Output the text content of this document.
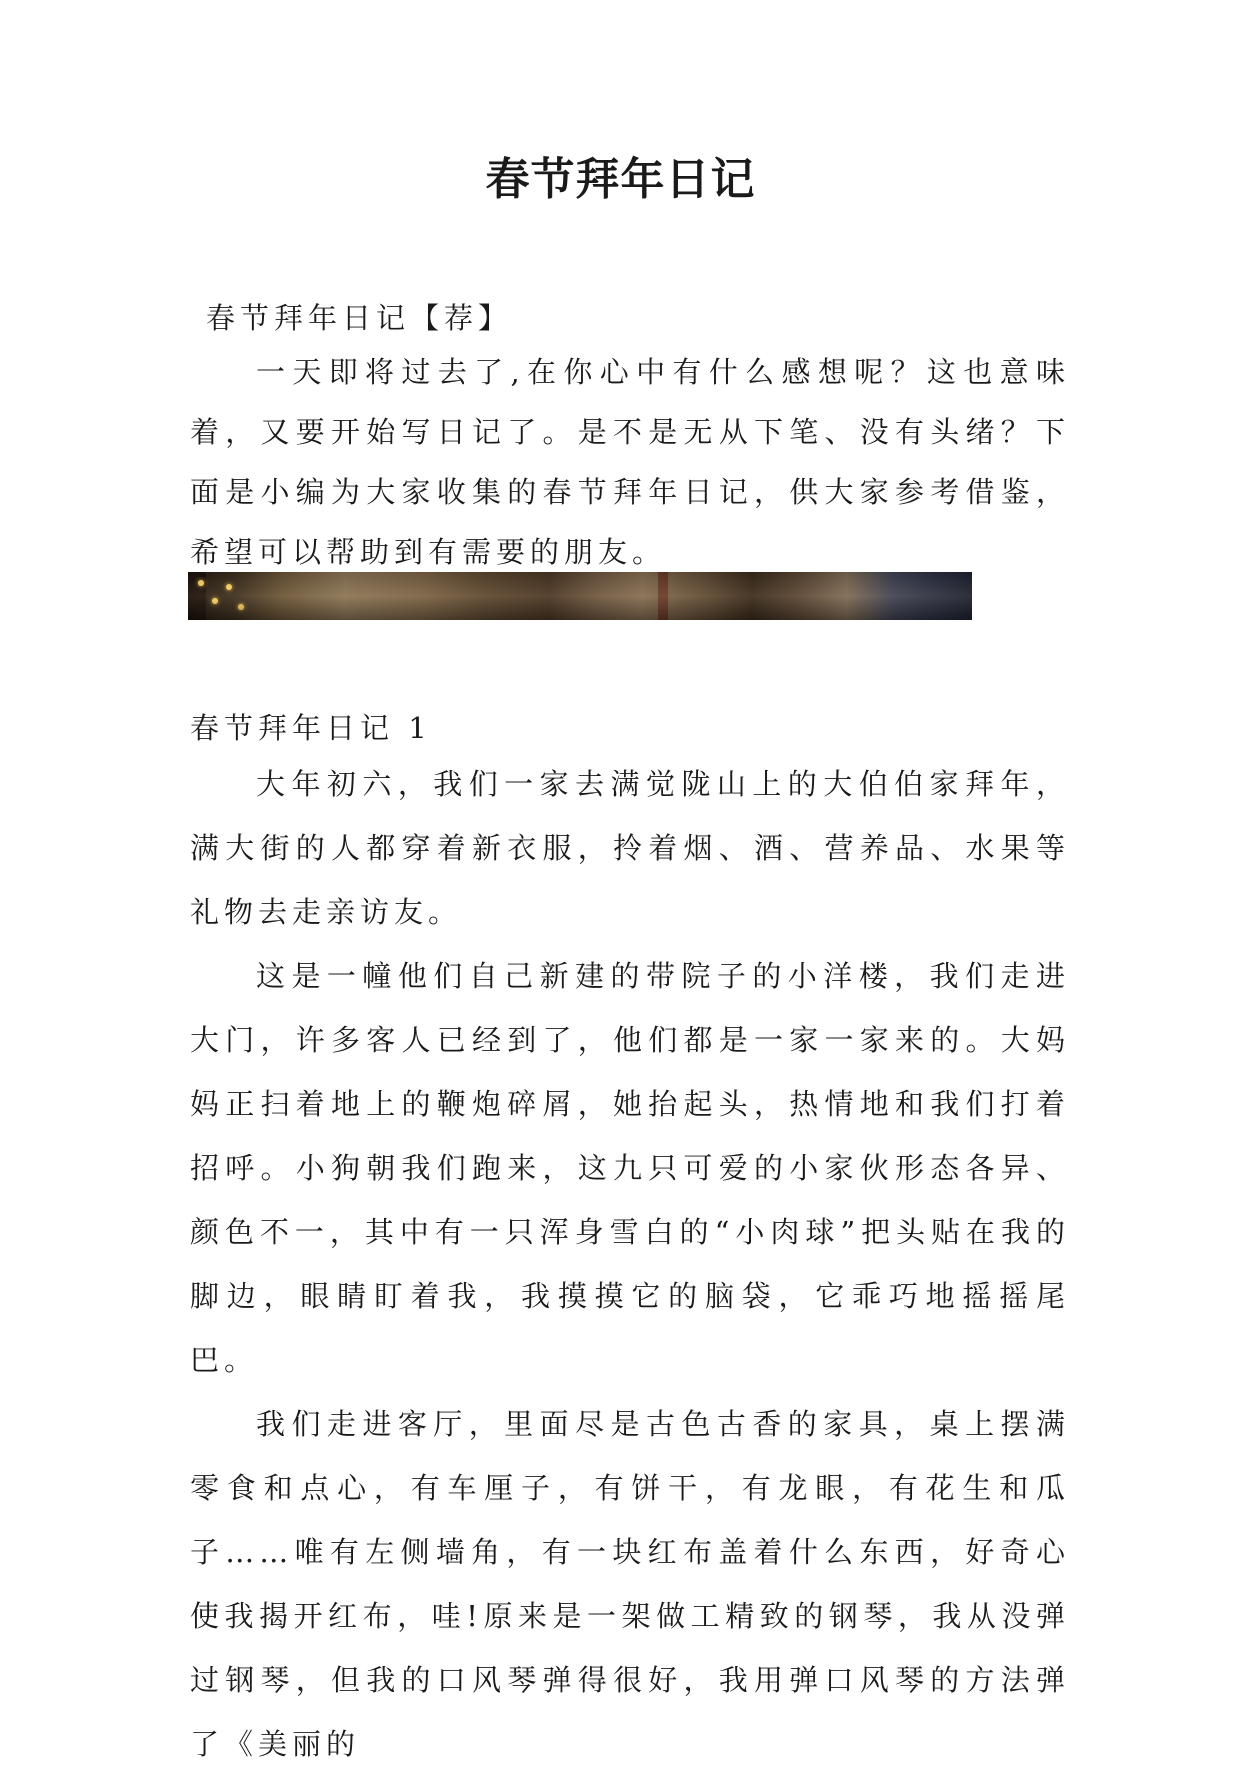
春节拜年日记
春节拜年日记【荐】
一天即将过去了,在你心中有什么感想呢？这也意味着，又要开始写日记了。是不是无从下笔、没有头绪？下面是小编为大家收集的春节拜年日记，供大家参考借鉴，希望可以帮助到有需要的朋友。
春节拜年日记 1

大年初六，我们一家去满觉陇山上的大伯伯家拜年，满大街的人都穿着新衣服，拎着烟、酒、营养品、水果等礼物去走亲访友。

这是一幢他们自己新建的带院子的小洋楼，我们走进大门，许多客人已经到了，他们都是一家一家来的。大妈妈正扫着地上的鞭炮碎屑，她抬起头，热情地和我们打着招呼。小狗朝我们跑来，这九只可爱的小家伙形态各异、颜色不一，其中有一只浑身雪白的“小肉球”把头贴在我的脚边，眼睛盯着我，我摸摸它的脑袋，它乖巧地摇摇尾巴。

我们走进客厅，里面尽是古色古香的家具，桌上摆满零食和点心，有车厘子，有饼干，有龙眼，有花生和瓜子……唯有左侧墙角，有一块红布盖着什么东西，好奇心使我揭开红布，哇!原来是一架做工精致的钢琴，我从没弹过钢琴，但我的口风琴弹得很好，我用弹口风琴的方法弹了《美丽的
